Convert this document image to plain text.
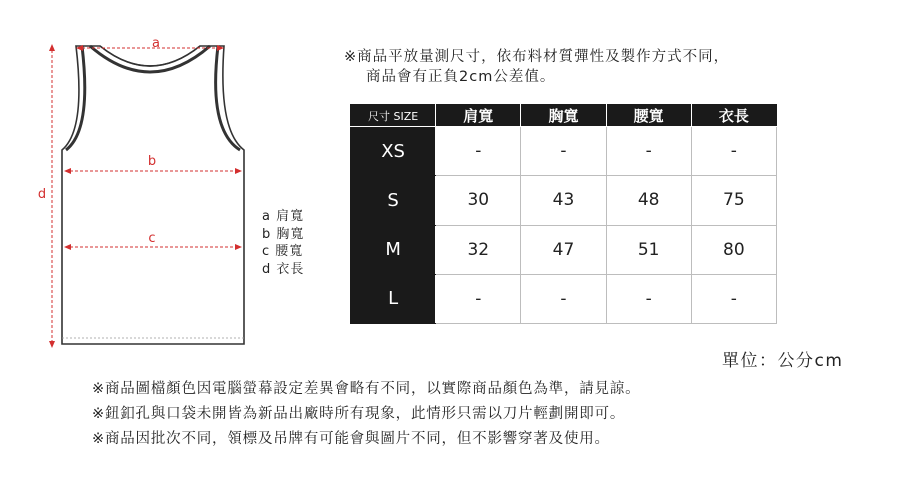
a
b
c
d
a 肩寬
b 胸寬
c 腰寬
d 衣長
※商品平放量測尺寸，依布料材質彈性及製作方式不同，
商品會有正負2cm公差值。
尺寸 SIZE	肩寬	胸寬	腰寬	衣長
XS	-	-	-	-
S	30	43	48	75
M	32	47	51	80
L	-	-	-	-
單位：公分cm
※商品圖檔顏色因電腦螢幕設定差異會略有不同，以實際商品顏色為準，請見諒。
※鈕釦孔與口袋未開皆為新品出廠時所有現象，此情形只需以刀片輕劃開即可。
※商品因批次不同，領標及吊牌有可能會與圖片不同，但不影響穿著及使用。
